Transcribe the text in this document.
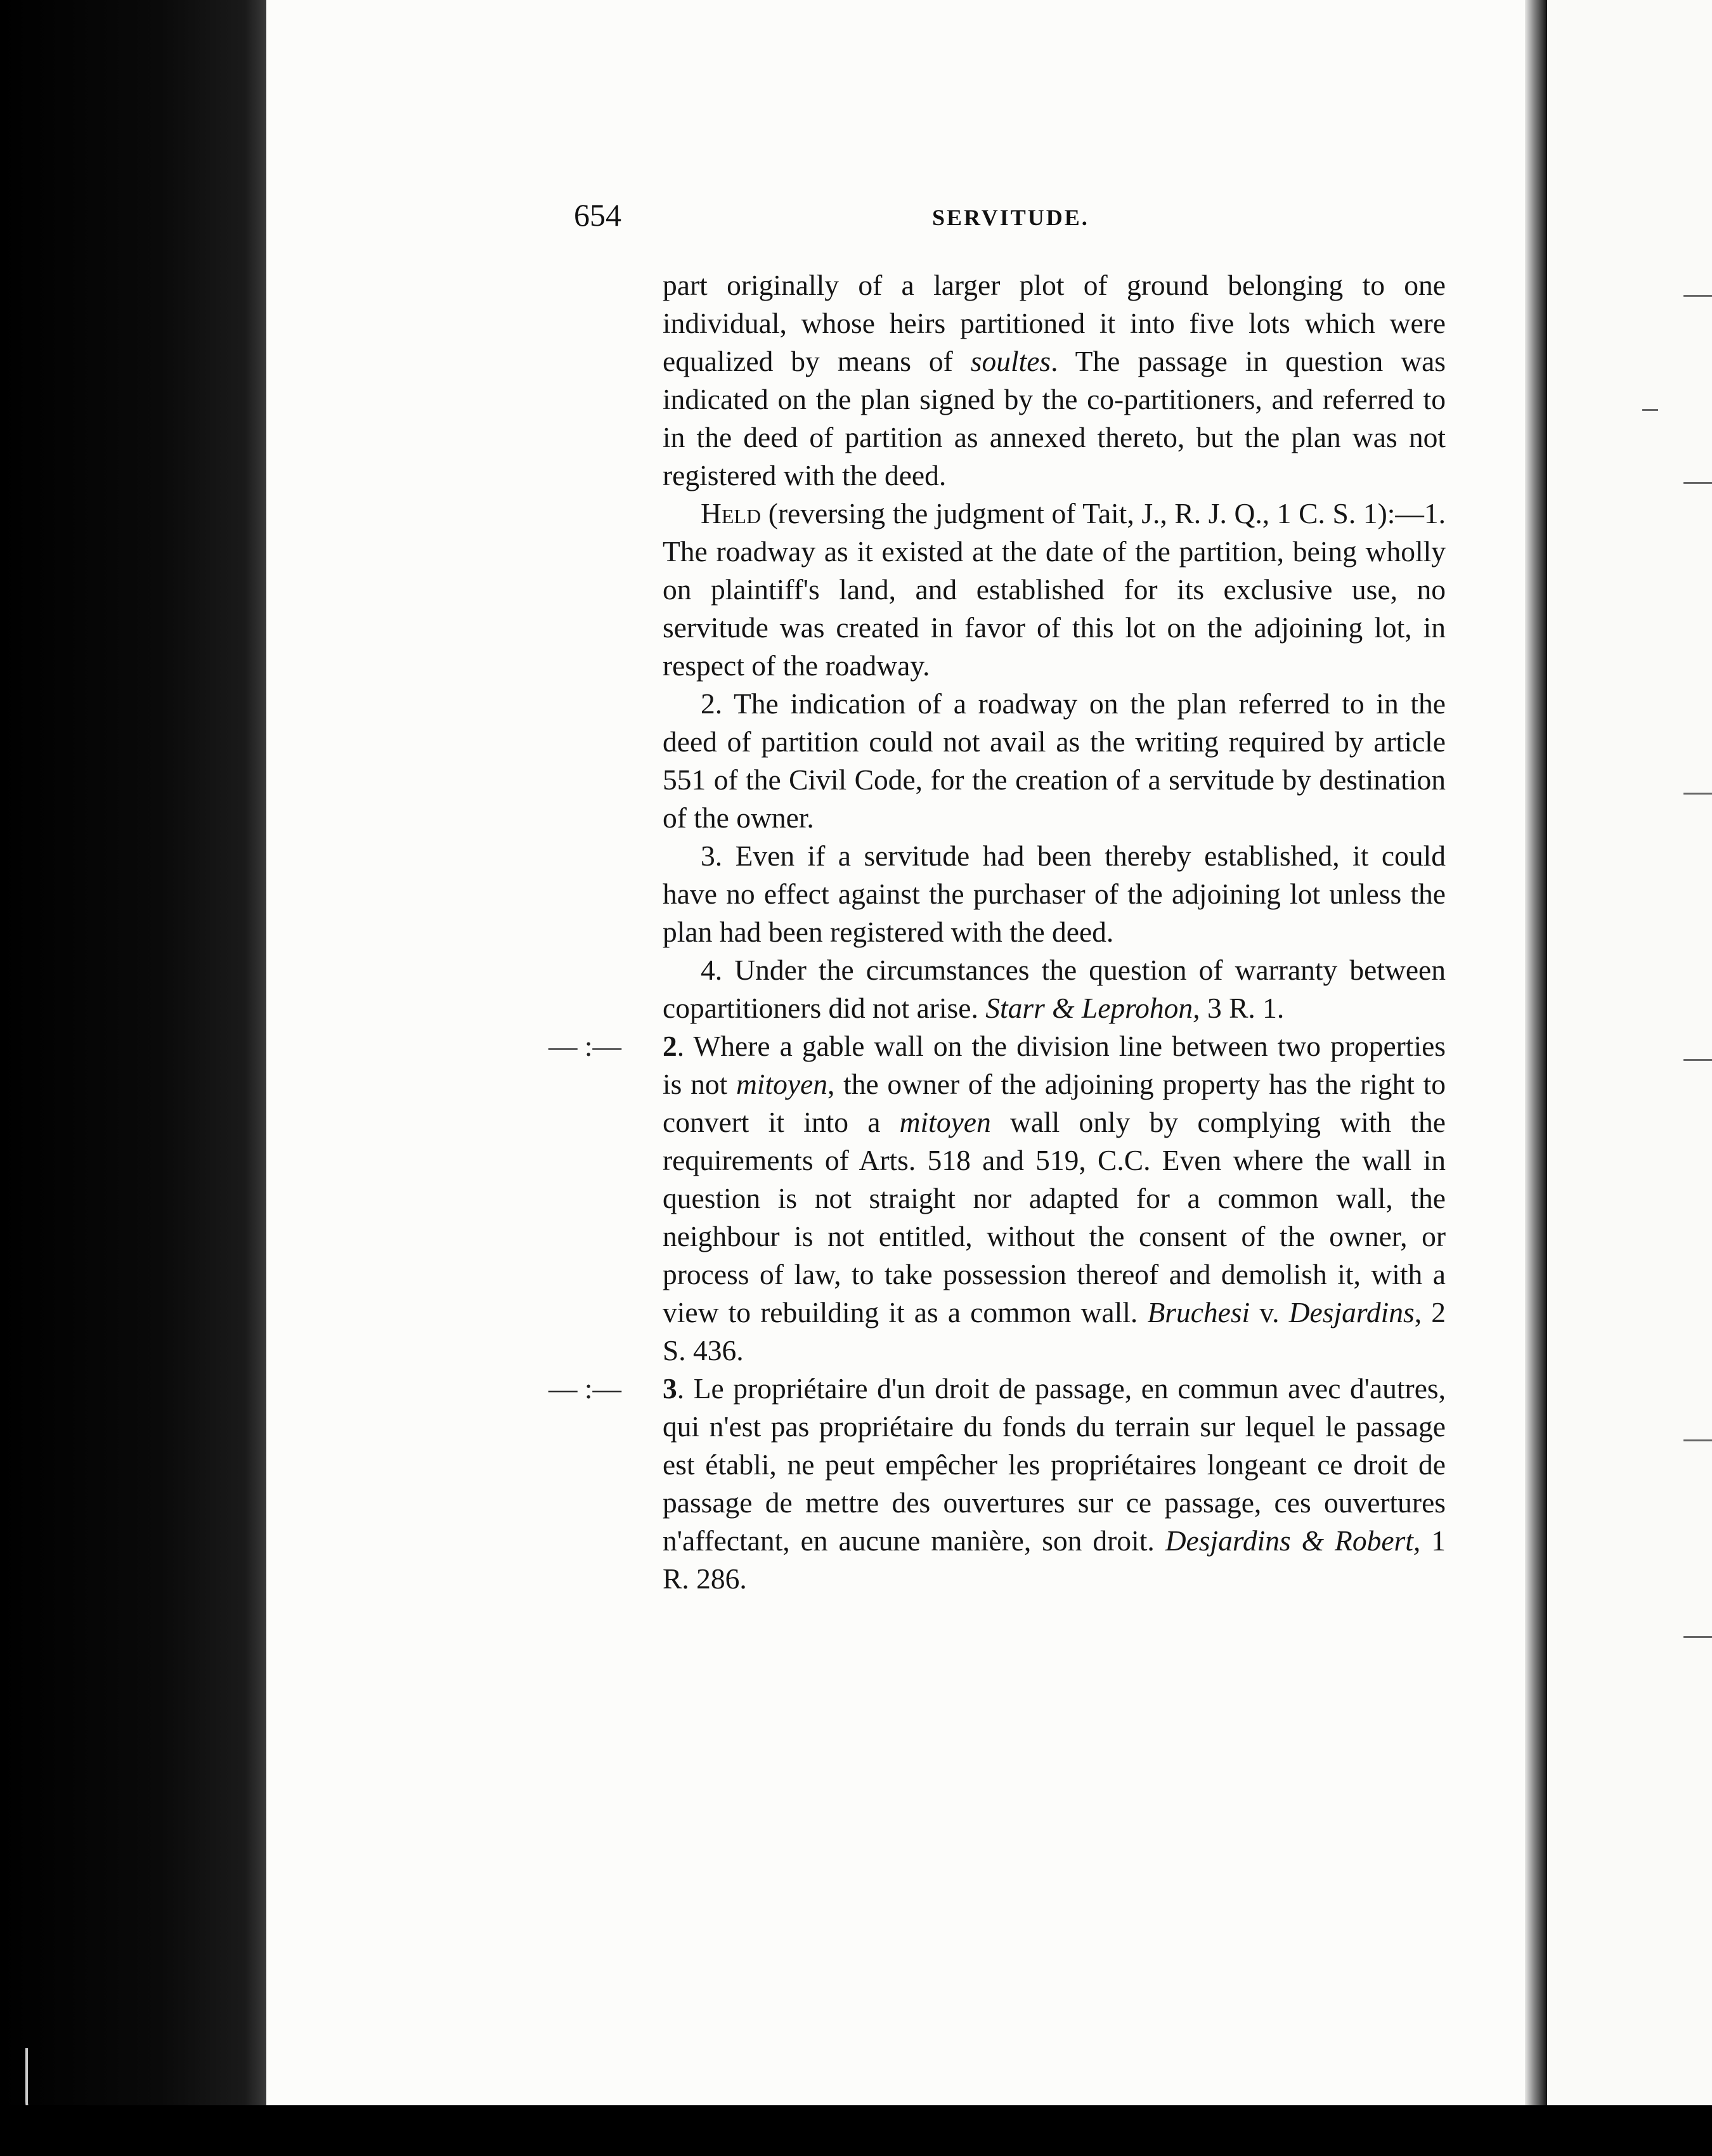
654	SERVITUDE.

part originally of a larger plot of ground belonging to one individual, whose heirs partitioned it into five lots which were equalized by means of soultes. The passage in question was indicated on the plan signed by the co-partitioners, and referred to in the deed of partition as annexed thereto, but the plan was not registered with the deed.

Held (reversing the judgment of Tait, J., R. J. Q., 1 C. S. 1):—1. The roadway as it existed at the date of the partition, being wholly on plaintiff's land, and established for its exclusive use, no servitude was created in favor of this lot on the adjoining lot, in respect of the roadway.

2. The indication of a roadway on the plan referred to in the deed of partition could not avail as the writing required by article 551 of the Civil Code, for the creation of a servitude by destination of the owner.

3. Even if a servitude had been thereby established, it could have no effect against the purchaser of the adjoining lot unless the plan had been registered with the deed.

4. Under the circumstances the question of warranty between copartitioners did not arise. Starr & Leprohon, 3 R. 1.

— :— 2. Where a gable wall on the division line between two properties is not mitoyen, the owner of the adjoining property has the right to convert it into a mitoyen wall only by complying with the requirements of Arts. 518 and 519, C.C. Even where the wall in question is not straight nor adapted for a common wall, the neighbour is not entitled, without the consent of the owner, or process of law, to take possession thereof and demolish it, with a view to rebuilding it as a common wall. Bruchesi v. Desjardins, 2 S. 436.

— :— 3. Le propriétaire d'un droit de passage, en commun avec d'autres, qui n'est pas propriétaire du fonds du terrain sur lequel le passage est établi, ne peut empêcher les propriétaires longeant ce droit de passage de mettre des ouvertures sur ce passage, ces ouvertures n'affectant, en aucune manière, son droit. Desjardins & Robert, 1 R. 286.
